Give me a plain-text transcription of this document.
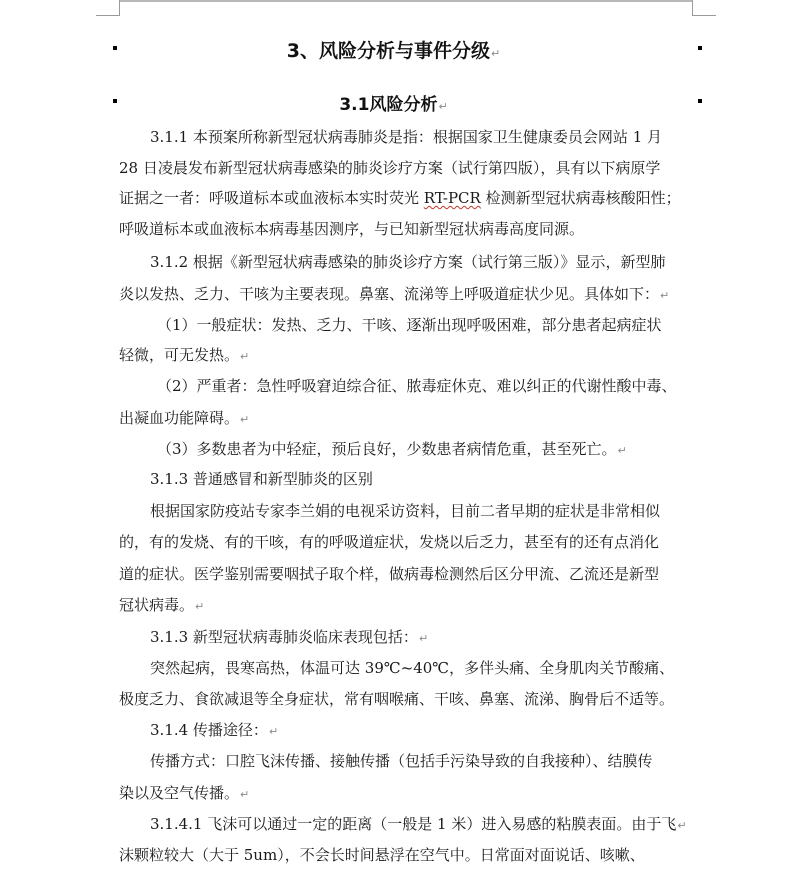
3、风险分析与事件分级↵
3.1风险分析↵
3.1.1 本预案所称新型冠状病毒肺炎是指：根据国家卫生健康委员会网站 1 月
28 日凌晨发布新型冠状病毒感染的肺炎诊疗方案（试行第四版），具有以下病原学
证据之一者：呼吸道标本或血液标本实时荧光 RT-PCR 检测新型冠状病毒核酸阳性；
呼吸道标本或血液标本病毒基因测序，与已知新型冠状病毒高度同源。
3.1.2 根据《新型冠状病毒感染的肺炎诊疗方案（试行第三版）》显示，新型肺
炎以发热、乏力、干咳为主要表现。鼻塞、流涕等上呼吸道症状少见。具体如下：↵
（1）一般症状：发热、乏力、干咳、逐渐出现呼吸困难，部分患者起病症状
轻微，可无发热。↵
（2）严重者：急性呼吸窘迫综合征、脓毒症休克、难以纠正的代谢性酸中毒、
出凝血功能障碍。↵
（3）多数患者为中轻症，预后良好，少数患者病情危重，甚至死亡。↵
3.1.3 普通感冒和新型肺炎的区别
根据国家防疫站专家李兰娟的电视采访资料，目前二者早期的症状是非常相似
的，有的发烧、有的干咳，有的呼吸道症状，发烧以后乏力，甚至有的还有点消化
道的症状。医学鉴别需要咽拭子取个样，做病毒检测然后区分甲流、乙流还是新型
冠状病毒。↵
3.1.3 新型冠状病毒肺炎临床表现包括：↵
突然起病，畏寒高热，体温可达 39℃~40℃，多伴头痛、全身肌肉关节酸痛、
极度乏力、食欲减退等全身症状，常有咽喉痛、干咳、鼻塞、流涕、胸骨后不适等。
3.1.4 传播途径：↵
传播方式：口腔飞沫传播、接触传播（包括手污染导致的自我接种）、结膜传
染以及空气传播。↵
3.1.4.1 飞沫可以通过一定的距离（一般是 1 米）进入易感的粘膜表面。由于飞↵
沫颗粒较大（大于 5um），不会长时间悬浮在空气中。日常面对面说话、咳嗽、
